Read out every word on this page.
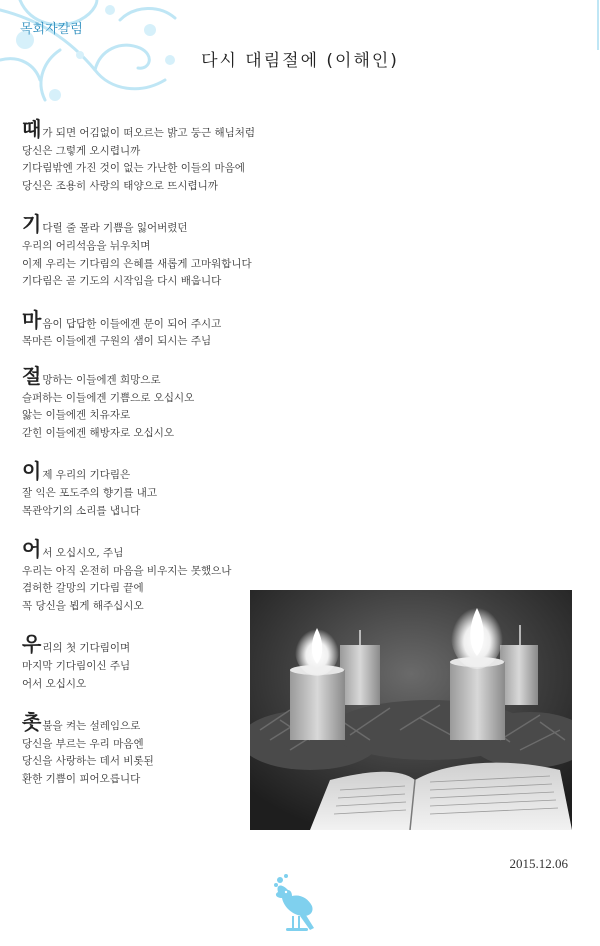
목회자칼럼
다시 대림절에 (이해인)
때 가 되면 어김없이 떠오르는 밝고 둥근 해님처럼
당신은 그렇게 오시렵니까
기다림밖엔 가진 것이 없는 가난한 이들의 마음에
당신은 조용히 사랑의 태양으로 뜨시렵니까
기 다릴 줄 몰라 기쁨을 잃어버렸던
우리의 어리석음을 뉘우치며
이제 우리는 기다림의 은혜를 새롭게 고마워합니다
기다림은 곧 기도의 시작임을 다시 배웁니다
마 음이 답답한 이들에겐 문이 되어 주시고
목마른 이들에겐 구원의 샘이 되시는 주님
절 망하는 이들에겐 희망으로
슬퍼하는 이들에겐 기쁨으로 오십시오
앓는 이들에겐 치유자로
갇힌 이들에겐 해방자로 오십시오
이 제 우리의 기다림은
잘 익은 포도주의 향기를 내고
목관악기의 소리를 냅니다
어 서 오십시오, 주님
우리는 아직 온전히 마음을 비우지는 못했으나
겸허한 갈망의 기다림 끝에
꼭 당신을 뵙게 해주십시오
우 리의 첫 기다림이며
마지막 기다림이신 주님
어서 오십시오
촛 불을 켜는 설레임으로
당신을 부르는 우리 마음엔
당신을 사랑하는 데서 비롯된
환한 기쁨이 피어오릅니다
2015.12.06
